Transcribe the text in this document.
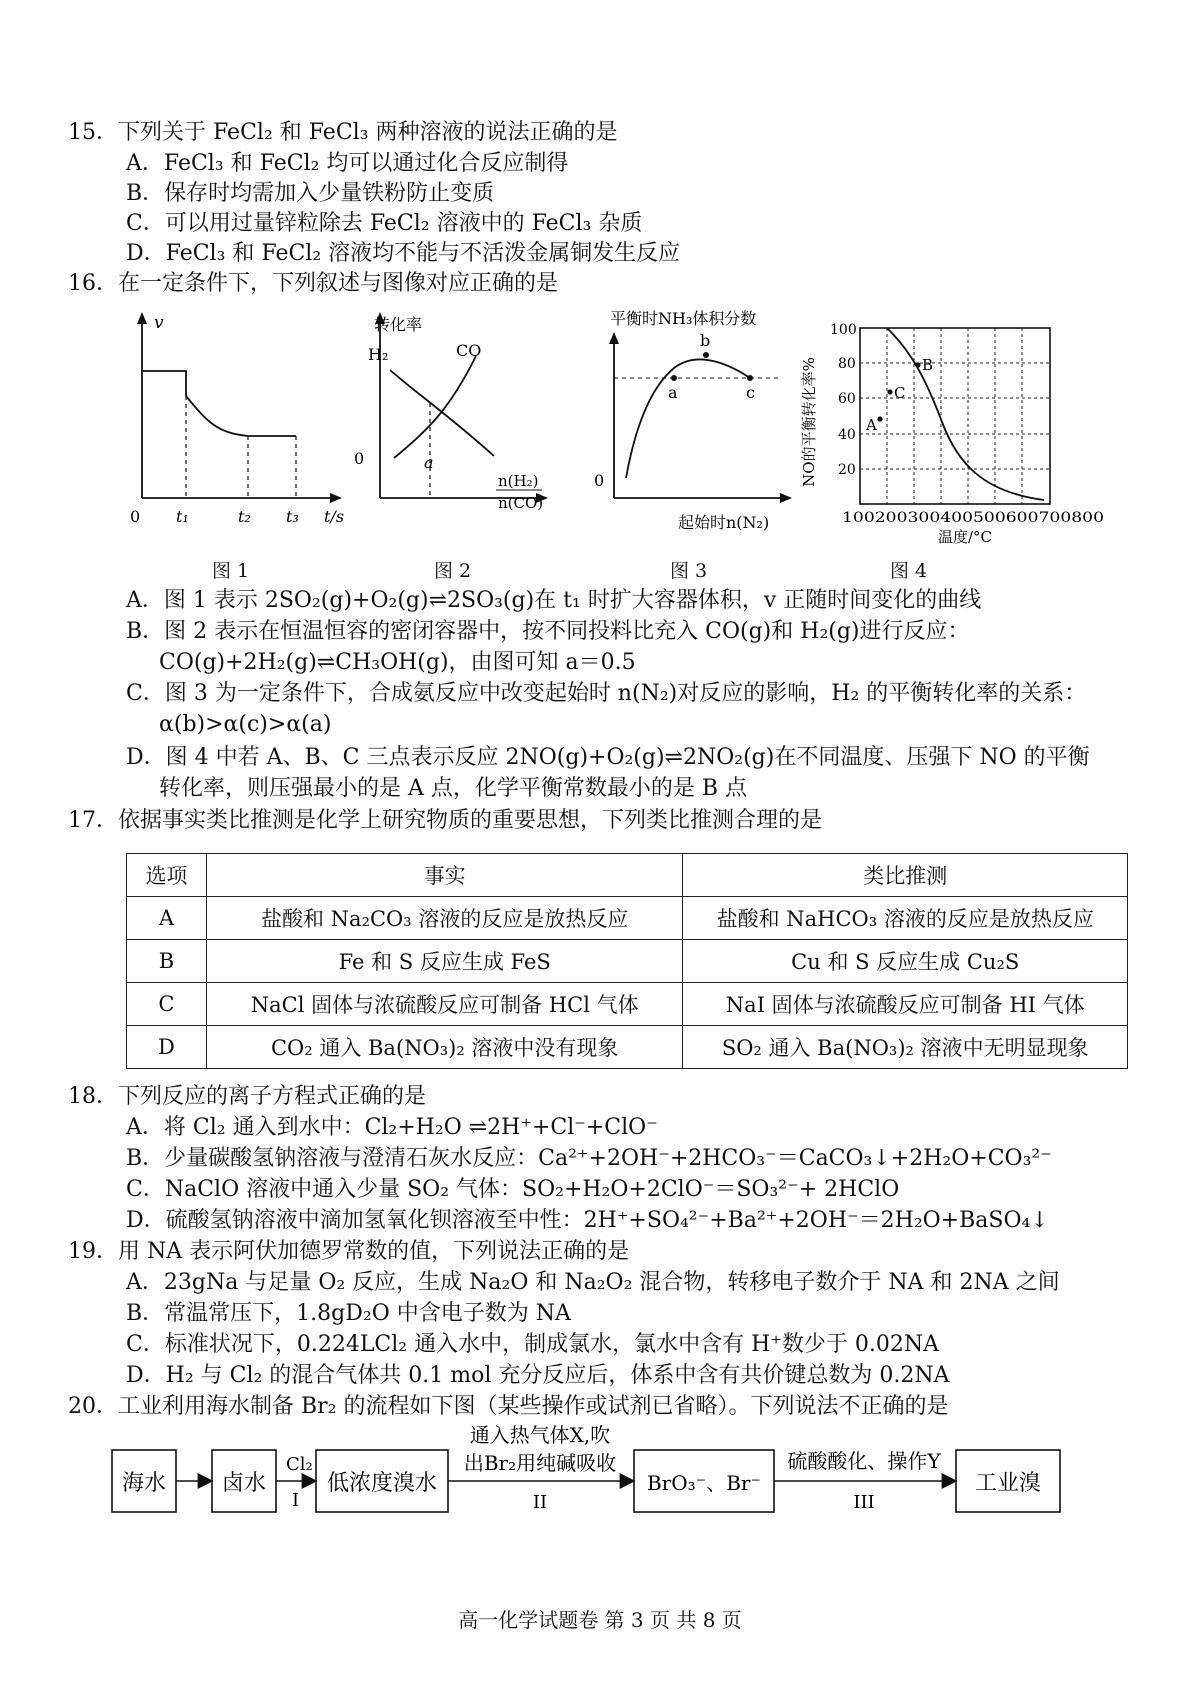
15．下列关于 FeCl₂ 和 FeCl₃ 两种溶液的说法正确的是
A．FeCl₃ 和 FeCl₂ 均可以通过化合反应制得
B．保存时均需加入少量铁粉防止变质
C．可以用过量锌粒除去 FeCl₂ 溶液中的 FeCl₃ 杂质
D．FeCl₃ 和 FeCl₂ 溶液均不能与不活泼金属铜发生反应
16．在一定条件下，下列叙述与图像对应正确的是
v
0 t₁	t₂ t₃ t/s
图 1
转化率
H₂	CO
0	a
n(H₂)
n(CO)
图 2
平衡时NH₃体积分数
a
b
c
0
起始时n(N₂)
图 3
A
C
B
100
80
60
40
20
NO的平衡转化率%
100200300400500600700800
温度/°C
图 4
A．图 1 表示 2SO₂(g)+O₂(g)⇌2SO₃(g)在 t₁ 时扩大容器体积，v 正随时间变化的曲线
B．图 2 表示在恒温恒容的密闭容器中，按不同投料比充入 CO(g)和 H₂(g)进行反应：
CO(g)+2H₂(g)⇌CH₃OH(g)，由图可知 a＝0.5
C．图 3 为一定条件下，合成氨反应中改变起始时 n(N₂)对反应的影响，H₂ 的平衡转化率的关系：
α(b)>α(c)>α(a)
D．图 4 中若 A、B、C 三点表示反应 2NO(g)+O₂(g)⇌2NO₂(g)在不同温度、压强下 NO 的平衡
转化率，则压强最小的是 A 点，化学平衡常数最小的是 B 点
17．依据事实类比推测是化学上研究物质的重要思想，下列类比推测合理的是
选项	事实	类比推测
A	盐酸和 Na₂CO₃ 溶液的反应是放热反应	盐酸和 NaHCO₃ 溶液的反应是放热反应
B	Fe 和 S 反应生成 FeS	Cu 和 S 反应生成 Cu₂S
C	NaCl 固体与浓硫酸反应可制备 HCl 气体	NaI 固体与浓硫酸反应可制备 HI 气体
D	CO₂ 通入 Ba(NO₃)₂ 溶液中没有现象	SO₂ 通入 Ba(NO₃)₂ 溶液中无明显现象
18．下列反应的离子方程式正确的是
A．将 Cl₂ 通入到水中：Cl₂+H₂O ⇌2H⁺+Cl⁻+ClO⁻
B．少量碳酸氢钠溶液与澄清石灰水反应：Ca²⁺+2OH⁻+2HCO₃⁻＝CaCO₃↓+2H₂O+CO₃²⁻
C．NaClO 溶液中通入少量 SO₂ 气体：SO₂+H₂O+2ClO⁻＝SO₃²⁻+ 2HClO
D．硫酸氢钠溶液中滴加氢氧化钡溶液至中性：2H⁺+SO₄²⁻+Ba²⁺+2OH⁻＝2H₂O+BaSO₄↓
19．用 NA 表示阿伏加德罗常数的值，下列说法正确的是
A．23gNa 与足量 O₂ 反应，生成 Na₂O 和 Na₂O₂ 混合物，转移电子数介于 NA 和 2NA 之间
B．常温常压下，1.8gD₂O 中含电子数为 NA
C．标准状况下，0.224LCl₂ 通入水中，制成氯水，氯水中含有 H⁺数少于 0.02NA
D．H₂ 与 Cl₂ 的混合气体共 0.1 mol 充分反应后，体系中含有共价键总数为 0.2NA
20．工业利用海水制备 Br₂ 的流程如下图（某些操作或试剂已省略）。下列说法不正确的是
海水	卤水
Cl₂
I
低浓度溴水
通入热气体X,吹
出Br₂用纯碱吸收
II
BrO₃⁻、Br⁻
硫酸酸化、操作Y
III
工业溴
高一化学试题卷 第 3 页 共 8 页
